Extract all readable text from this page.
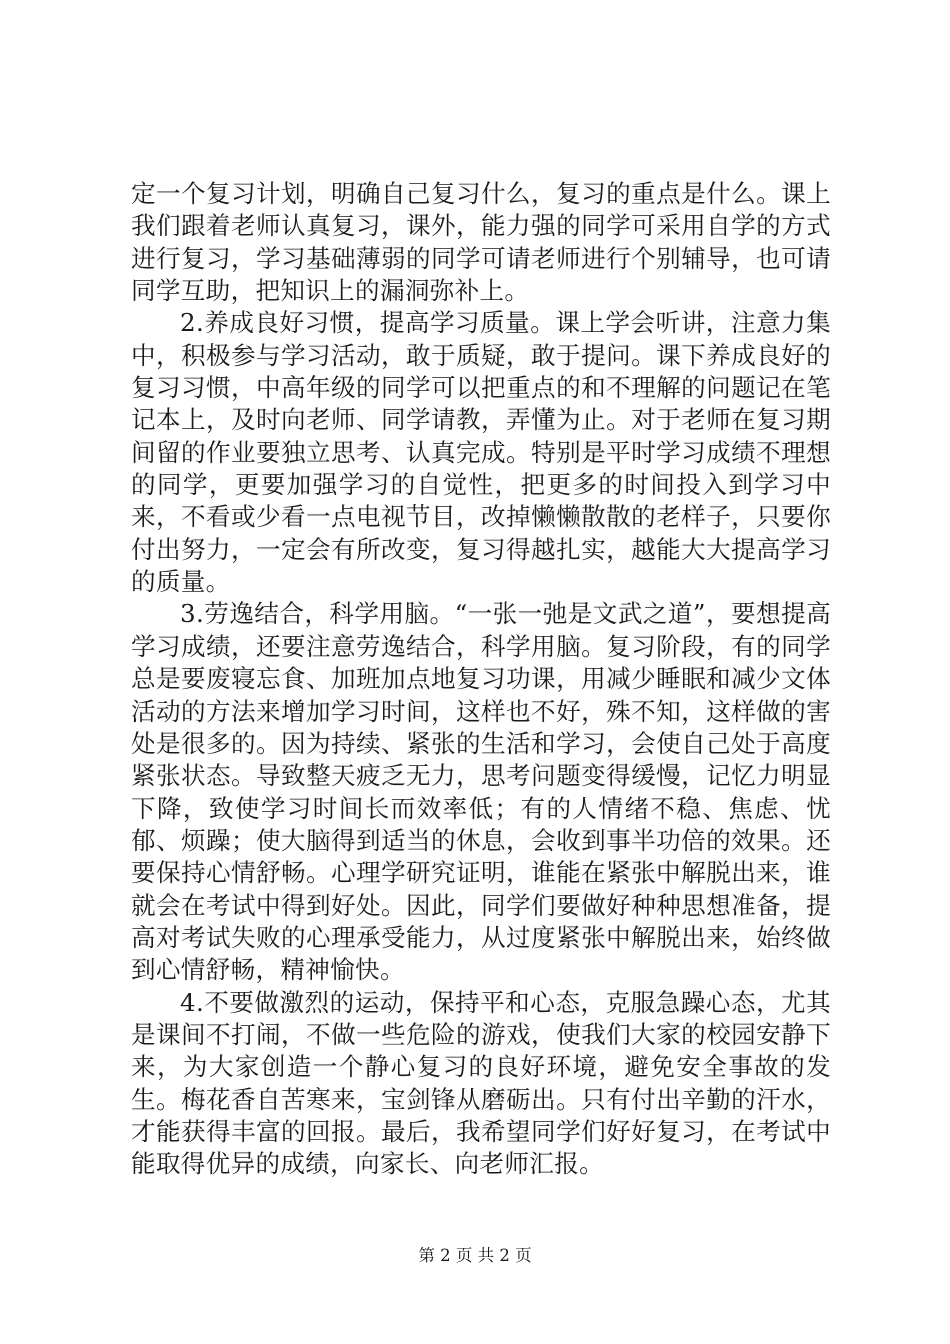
定一个复习计划，明确自己复习什么，复习的重点是什么。课上我们跟着老师认真复习，课外，能力强的同学可采用自学的方式进行复习，学习基础薄弱的同学可请老师进行个别辅导，也可请同学互助，把知识上的漏洞弥补上。

2.养成良好习惯，提高学习质量。课上学会听讲，注意力集中，积极参与学习活动，敢于质疑，敢于提问。课下养成良好的复习习惯，中高年级的同学可以把重点的和不理解的问题记在笔记本上，及时向老师、同学请教，弄懂为止。对于老师在复习期间留的作业要独立思考、认真完成。特别是平时学习成绩不理想的同学，更要加强学习的自觉性，把更多的时间投入到学习中来，不看或少看一点电视节目，改掉懒懒散散的老样子，只要你付出努力，一定会有所改变，复习得越扎实，越能大大提高学习的质量。

3.劳逸结合，科学用脑。“一张一弛是文武之道”，要想提高学习成绩，还要注意劳逸结合，科学用脑。复习阶段，有的同学总是要废寝忘食、加班加点地复习功课，用减少睡眠和减少文体活动的方法来增加学习时间，这样也不好，殊不知，这样做的害处是很多的。因为持续、紧张的生活和学习，会使自己处于高度紧张状态。导致整天疲乏无力，思考问题变得缓慢，记忆力明显下降，致使学习时间长而效率低；有的人情绪不稳、焦虑、忧郁、烦躁；使大脑得到适当的休息，会收到事半功倍的效果。还要保持心情舒畅。心理学研究证明，谁能在紧张中解脱出来，谁就会在考试中得到好处。因此，同学们要做好种种思想准备，提高对考试失败的心理承受能力，从过度紧张中解脱出来，始终做到心情舒畅，精神愉快。

4.不要做激烈的运动，保持平和心态，克服急躁心态，尤其是课间不打闹，不做一些危险的游戏，使我们大家的校园安静下来，为大家创造一个静心复习的良好环境，避免安全事故的发生。梅花香自苦寒来，宝剑锋从磨砺出。只有付出辛勤的汗水，才能获得丰富的回报。最后，我希望同学们好好复习，在考试中能取得优异的成绩，向家长、向老师汇报。

第 2 页 共 2 页
